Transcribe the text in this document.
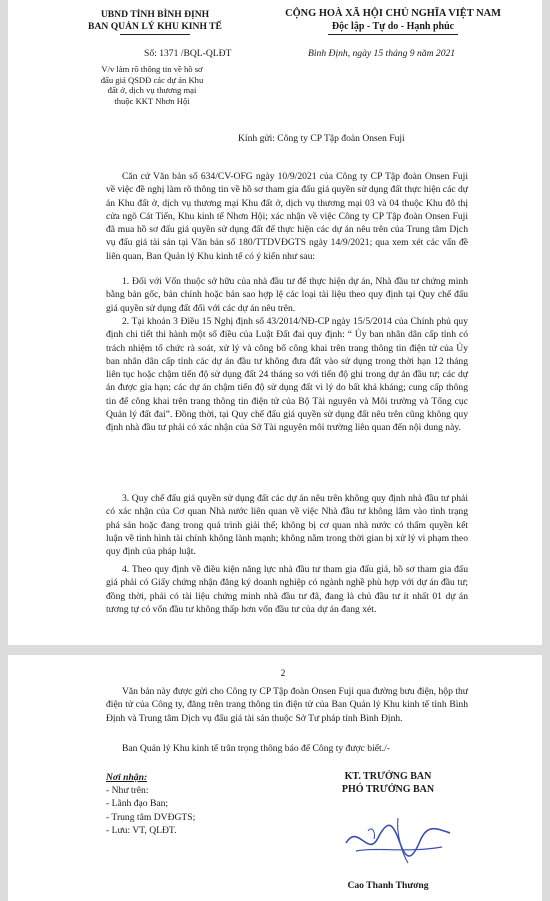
UBND TỈNH BÌNH ĐỊNH
BAN QUẢN LÝ KHU KINH TẾ
CỘNG HOÀ XÃ HỘI CHỦ NGHĨA VIỆT NAM
Độc lập - Tự do - Hạnh phúc
Số: 1371 /BQL-QLĐT	Bình Định, ngày 15 tháng 9 năm 2021
V/v làm rõ thông tin về hồ sơ đấu giá QSDĐ các dự án Khu đất ở, dịch vụ thương mại thuộc KKT Nhơn Hội
Kính gửi: Công ty CP Tập đoàn Onsen Fuji
Căn cứ Văn bản số 634/CV-OFG ngày 10/9/2021 của Công ty CP Tập đoàn Onsen Fuji về việc đề nghị làm rõ thông tin về hồ sơ tham gia đấu giá quyền sử dụng đất thực hiện các dự án Khu đất ở, dịch vụ thương mại Khu đất ở, dịch vụ thương mại 03 và 04 thuộc Khu đô thị cửa ngõ Cát Tiến, Khu kinh tế Nhơn Hội; xác nhận về việc Công ty CP Tập đoàn Onsen Fuji đã mua hồ sơ đấu giá quyền sử dụng đất để thực hiện các dự án nêu trên của Trung tâm Dịch vụ đấu giá tài sản tại Văn bản số 180/TTDVĐGTS ngày 14/9/2021; qua xem xét các vấn đề liên quan, Ban Quản lý Khu kinh tế có ý kiến như sau:
1. Đối với Vốn thuộc sở hữu của nhà đầu tư để thực hiện dự án, Nhà đầu tư chứng minh bằng bản gốc, bản chính hoặc bản sao hợp lệ các loại tài liệu theo quy định tại Quy chế đấu giá quyền sử dụng đất đối với các dự án nêu trên.
2. Tại khoản 3 Điều 15 Nghị định số 43/2014/NĐ-CP ngày 15/5/2014 của Chính phủ quy định chi tiết thi hành một số điều của Luật Đất đai quy định: “ Ủy ban nhân dân cấp tỉnh có trách nhiệm tổ chức rà soát, xử lý và công bố công khai trên trang thông tin điện tử của Ủy ban nhân dân cấp tỉnh các dự án đầu tư không đưa đất vào sử dụng trong thời hạn 12 tháng liên tục hoặc chậm tiến độ sử dụng đất 24 tháng so với tiến độ ghi trong dự án đầu tư; các dự án được gia hạn; các dự án chậm tiến độ sử dụng đất vì lý do bất khả kháng; cung cấp thông tin để công khai trên trang thông tin điện tử của Bộ Tài nguyên và Môi trường và Tổng cục Quản lý đất đai”. Đồng thời, tại Quy chế đấu giá quyền sử dụng đất nêu trên cũng không quy định nhà đầu tư phải có xác nhận của Sở Tài nguyên môi trường liên quan đến nội dung này.
3. Quy chế đấu giá quyền sử dụng đất các dự án nêu trên không quy định nhà đầu tư phải có xác nhận của Cơ quan Nhà nước liên quan về việc Nhà đầu tư không lâm vào tình trạng phá sản hoặc đang trong quá trình giải thể; không bị cơ quan nhà nước có thẩm quyền kết luận về tình hình tài chính không lành mạnh; không nằm trong thời gian bị xử lý vi phạm theo quy định của pháp luật.
4. Theo quy định về điều kiện năng lực nhà đầu tư tham gia đấu giá, hồ sơ tham gia đấu giá phải có Giấy chứng nhận đăng ký doanh nghiệp có ngành nghề phù hợp với dự án đầu tư; đồng thời, phải có tài liệu chứng minh nhà đầu tư đã, đang là chủ đầu tư ít nhất 01 dự án tương tự có vốn đầu tư không thấp hơn vốn đầu tư của dự án đang xét.
2
Văn bản này được gửi cho Công ty CP Tập đoàn Onsen Fuji qua đường bưu điện, hộp thư điện tử của Công ty, đăng trên trang thông tin điện tử của Ban Quản lý Khu kinh tế tỉnh Bình Định và Trung tâm Dịch vụ đấu giá tài sản thuộc Sở Tư pháp tỉnh Bình Định.
Ban Quản lý Khu kinh tế trân trọng thông báo để Công ty được biết./-
Nơi nhận:
- Như trên:
- Lãnh đạo Ban;
- Trung tâm DVĐGTS;
- Lưu: VT, QLĐT.
KT. TRƯỞNG BAN
PHÓ TRƯỞNG BAN
Cao Thanh Thương
